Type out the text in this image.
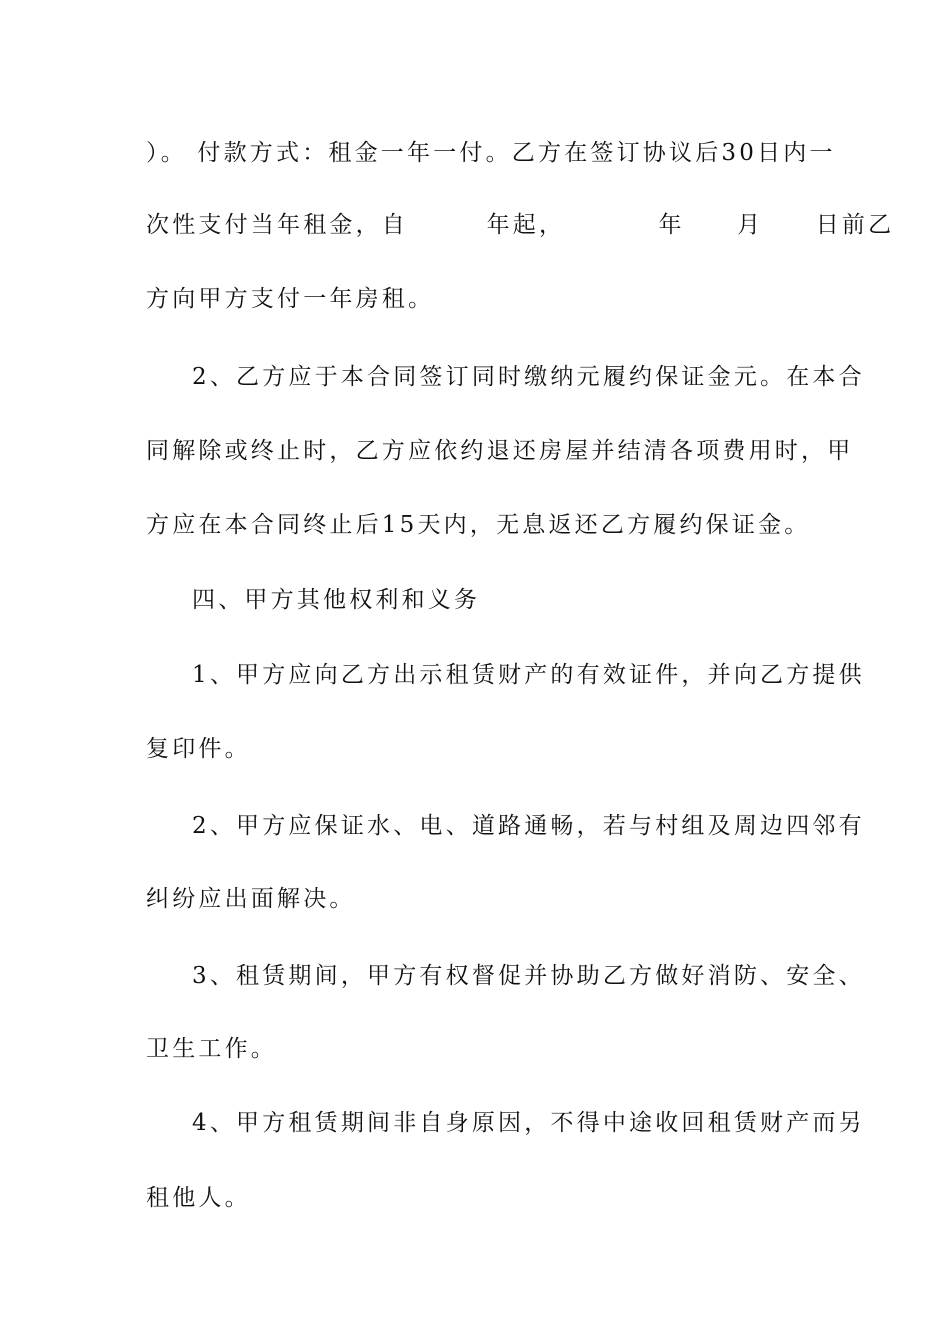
）。 付款方式：租金一年一付。乙方在签订协议后30日内一
次性支付当年租金，自　　　年起，　　　　年　　月　　日前乙
方向甲方支付一年房租。
2、乙方应于本合同签订同时缴纳元履约保证金元。在本合
同解除或终止时，乙方应依约退还房屋并结清各项费用时，甲
方应在本合同终止后15天内，无息返还乙方履约保证金。
四、甲方其他权利和义务
1、甲方应向乙方出示租赁财产的有效证件，并向乙方提供
复印件。
2、甲方应保证水、电、道路通畅，若与村组及周边四邻有
纠纷应出面解决。
3、租赁期间，甲方有权督促并协助乙方做好消防、安全、
卫生工作。
4、甲方租赁期间非自身原因，不得中途收回租赁财产而另
租他人。
